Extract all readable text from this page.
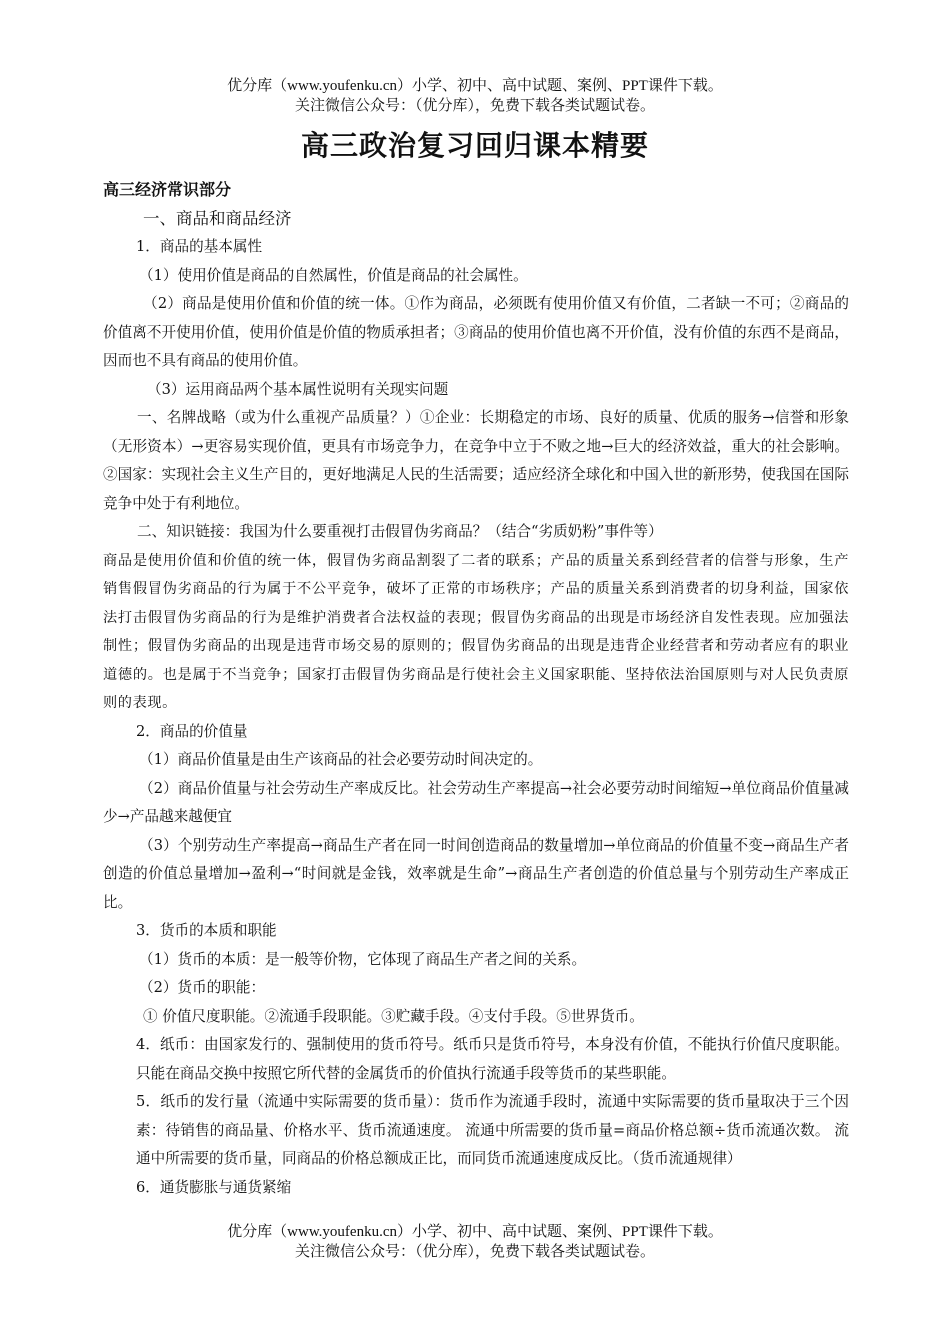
优分库（www.youfenku.cn）小学、初中、高中试题、案例、PPT课件下载。
关注微信公众号：（优分库），免费下载各类试题试卷。
高三政治复习回归课本精要

高三经济常识部分

一、商品和商品经济

1．商品的基本属性

（1）使用价值是商品的自然属性，价值是商品的社会属性。

（2）商品是使用价值和价值的统一体。①作为商品，必须既有使用价值又有价值，二者缺一不可；②商品的价值离不开使用价值，使用价值是价值的物质承担者；③商品的使用价值也离不开价值，没有价值的东西不是商品，因而也不具有商品的使用价值。

（3）运用商品两个基本属性说明有关现实问题

一、名牌战略（或为什么重视产品质量？）①企业：长期稳定的市场、良好的质量、优质的服务→信誉和形象（无形资本）→更容易实现价值，更具有市场竞争力，在竞争中立于不败之地→巨大的经济效益，重大的社会影响。②国家：实现社会主义生产目的，更好地满足人民的生活需要；适应经济全球化和中国入世的新形势，使我国在国际竞争中处于有利地位。

二、知识链接：我国为什么要重视打击假冒伪劣商品？（结合“劣质奶粉”事件等）

商品是使用价值和价值的统一体，假冒伪劣商品割裂了二者的联系；产品的质量关系到经营者的信誉与形象，生产销售假冒伪劣商品的行为属于不公平竞争，破坏了正常的市场秩序；产品的质量关系到消费者的切身利益，国家依法打击假冒伪劣商品的行为是维护消费者合法权益的表现；假冒伪劣商品的出现是市场经济自发性表现。应加强法制性；假冒伪劣商品的出现是违背市场交易的原则的；假冒伪劣商品的出现是违背企业经营者和劳动者应有的职业道德的。也是属于不当竞争；国家打击假冒伪劣商品是行使社会主义国家职能、坚持依法治国原则与对人民负责原则的表现。

2．商品的价值量

（1）商品价值量是由生产该商品的社会必要劳动时间决定的。

（2）商品价值量与社会劳动生产率成反比。社会劳动生产率提高→社会必要劳动时间缩短→单位商品价值量减少→产品越来越便宜

（3）个别劳动生产率提高→商品生产者在同一时间创造商品的数量增加→单位商品的价值量不变→商品生产者创造的价值总量增加→盈利→“时间就是金钱，效率就是生命”→商品生产者创造的价值总量与个别劳动生产率成正比。

3．货币的本质和职能

（1）货币的本质：是一般等价物，它体现了商品生产者之间的关系。

（2）货币的职能：

① 价值尺度职能。②流通手段职能。③贮藏手段。④支付手段。⑤世界货币。

4．纸币：由国家发行的、强制使用的货币符号。纸币只是货币符号，本身没有价值，不能执行价值尺度职能。只能在商品交换中按照它所代替的金属货币的价值执行流通手段等货币的某些职能。

5．纸币的发行量（流通中实际需要的货币量）：货币作为流通手段时，流通中实际需要的货币量取决于三个因素：待销售的商品量、价格水平、货币流通速度。 流通中所需要的货币量=商品价格总额÷货币流通次数。 流通中所需要的货币量，同商品的价格总额成正比，而同货币流通速度成反比。（货币流通规律）

6．通货膨胀与通货紧缩

优分库（www.youfenku.cn）小学、初中、高中试题、案例、PPT课件下载。
关注微信公众号：（优分库），免费下载各类试题试卷。
